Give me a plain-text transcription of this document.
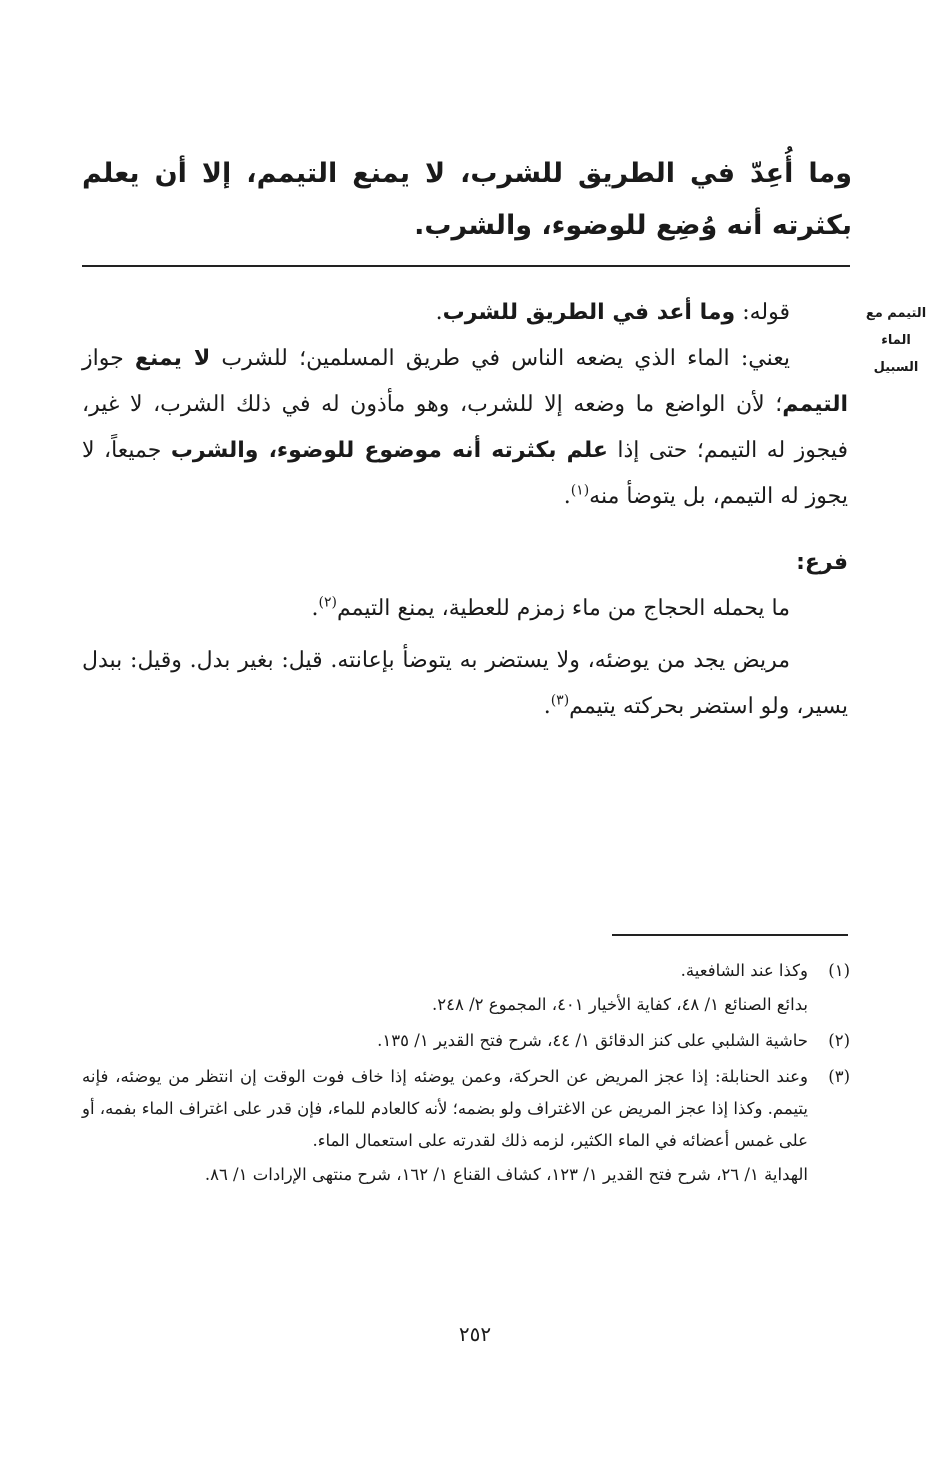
وما أُعِدّ في الطريق للشرب، لا يمنع التيمم، إلا أن يعلم بكثرته أنه وُضِع للوضوء، والشرب.
التيمم مع
الماء
السبيل

قوله: وما أعد في الطريق للشرب.

يعني: الماء الذي يضعه الناس في طريق المسلمين؛ للشرب لا يمنع جواز التيمم؛ لأن الواضع ما وضعه إلا للشرب، وهو مأذون له في ذلك الشرب، لا غير، فيجوز له التيمم؛ حتى إذا علم بكثرته أنه موضوع للوضوء، والشرب جميعاً، لا يجوز له التيمم، بل يتوضأ منه$^{(١)}$.

فرع:

ما يحمله الحجاج من ماء زمزم للعطية، يمنع التيمم$^{(٢)}$.

مريض يجد من يوضئه، ولا يستضر به يتوضأ بإعانته. قيل: بغير بدل. وقيل: ببدل يسير، ولو استضر بحركته يتيمم$^{(٣)}$.

(١)

وكذا عند الشافعية.

بدائع الصنائع ١/ ٤٨، كفاية الأخيار ٤٠١، المجموع ٢/ ٢٤٨.

(٢)

حاشية الشلبي على كنز الدقائق ١/ ٤٤، شرح فتح القدير ١/ ١٣٥.

(٣)

وعند الحنابلة: إذا عجز المريض عن الحركة، وعمن يوضئه إذا خاف فوت الوقت إن انتظر من يوضئه، فإنه يتيمم. وكذا إذا عجز المريض عن الاغتراف ولو بضمه؛ لأنه كالعادم للماء، فإن قدر على اغتراف الماء بفمه، أو على غمس أعضائه في الماء الكثير، لزمه ذلك لقدرته على استعمال الماء.

الهداية ١/ ٢٦، شرح فتح القدير ١/ ١٢٣، كشاف القناع ١/ ١٦٢، شرح منتهى الإرادات ١/ ٨٦.

٢٥٢
